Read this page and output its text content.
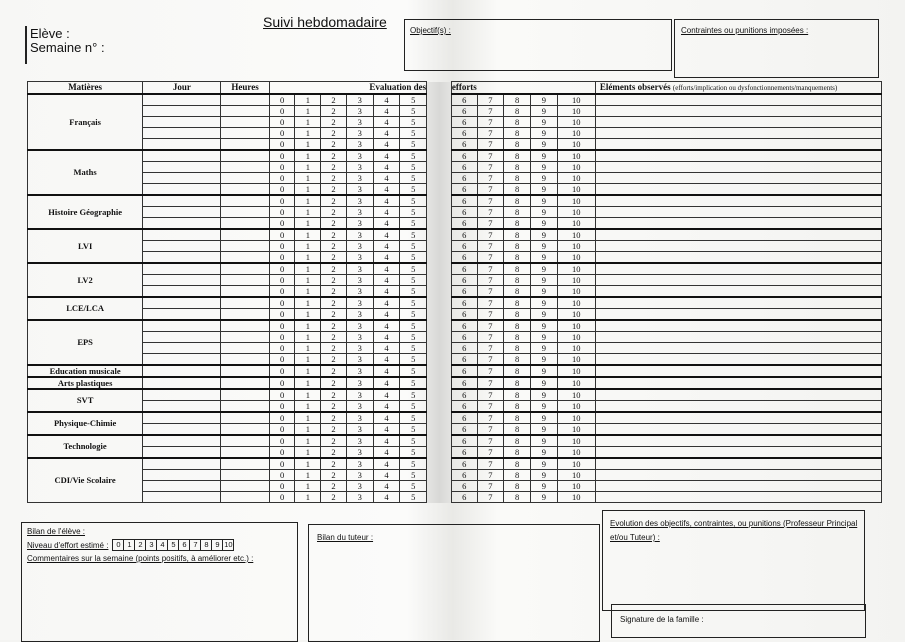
Elève :
Semaine n° :
Suivi hebdomadaire
Objectif(s) :	Contraintes ou punitions imposées :
Matières	Jour	Heures	Evaluation des							efforts					Eléments observés (efforts/implication ou dysfonctionnements/manquements)
Français			0	1	2	3	4	5		6	7	8	9	10	
			0	1	2	3	4	5		6	7	8	9	10	
			0	1	2	3	4	5		6	7	8	9	10	
			0	1	2	3	4	5		6	7	8	9	10	
			0	1	2	3	4	5		6	7	8	9	10	
Maths			0	1	2	3	4	5		6	7	8	9	10	
			0	1	2	3	4	5		6	7	8	9	10	
			0	1	2	3	4	5		6	7	8	9	10	
			0	1	2	3	4	5		6	7	8	9	10	
Histoire Géographie			0	1	2	3	4	5		6	7	8	9	10	
			0	1	2	3	4	5		6	7	8	9	10	
			0	1	2	3	4	5		6	7	8	9	10	
LVI			0	1	2	3	4	5		6	7	8	9	10	
			0	1	2	3	4	5		6	7	8	9	10	
			0	1	2	3	4	5		6	7	8	9	10	
LV2			0	1	2	3	4	5		6	7	8	9	10	
			0	1	2	3	4	5		6	7	8	9	10	
			0	1	2	3	4	5		6	7	8	9	10	
LCE/LCA			0	1	2	3	4	5		6	7	8	9	10	
			0	1	2	3	4	5		6	7	8	9	10	
EPS			0	1	2	3	4	5		6	7	8	9	10	
			0	1	2	3	4	5		6	7	8	9	10	
			0	1	2	3	4	5		6	7	8	9	10	
			0	1	2	3	4	5		6	7	8	9	10	
Education musicale			0	1	2	3	4	5		6	7	8	9	10	
Arts plastiques			0	1	2	3	4	5		6	7	8	9	10	
SVT			0	1	2	3	4	5		6	7	8	9	10	
			0	1	2	3	4	5		6	7	8	9	10	
Physique-Chimie			0	1	2	3	4	5		6	7	8	9	10	
			0	1	2	3	4	5		6	7	8	9	10	
Technologie			0	1	2	3	4	5		6	7	8	9	10	
			0	1	2	3	4	5		6	7	8	9	10	
CDI/Vie Scolaire			0	1	2	3	4	5		6	7	8	9	10	
			0	1	2	3	4	5		6	7	8	9	10	
			0	1	2	3	4	5		6	7	8	9	10	
			0	1	2	3	4	5		6	7	8	9	10	
Bilan de l'élève :
Niveau d'effort estimé :	0 1 2 3 4 5 6 7 8 9 10
Commentaires sur la semaine (points positifs, à améliorer etc.) :
Bilan du tuteur :
Evolution des objectifs, contraintes, ou punitions (Professeur Principal et/ou Tuteur) :
Signature de la famille :
